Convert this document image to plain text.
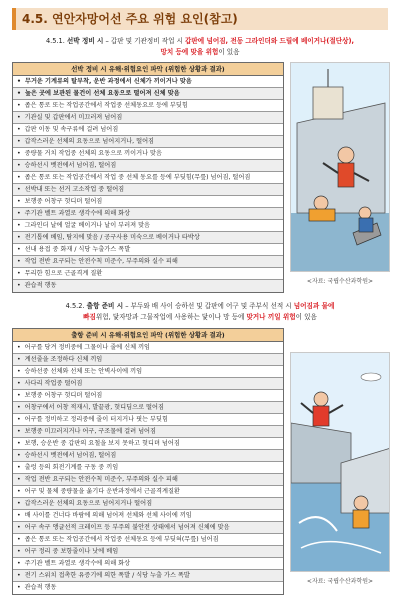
4.5. 연안자망어선 주요 위험 요인(참고)
4.5.1. 선박 정비 시 – 갑판 및 기관정비 작업 시 갑판에 넘어짐, 전동 그라인더와 드릴에 베이거나(절단상),
망치 등에 맞을 위험이 있음
선박 정비 시 유해·위험요인 파악 (위험한 상황과 결과)
• 무거운 기계류의 탈부착, 운반 과정에서 신체가 끼이거나 맞음
• 높은 곳에 보관된 물건이 선체 요동으로 떨어져 신체 맞음
• 좁은 통로 또는 작업공간에서 작업중 선체동요로 등에 부딪힘
• 기관실 및 갑판에서 미끄러져 넘어짐
• 갑판 이동 및 속구류에 걸려 넘어짐
• 갑작스러운 선체의 요동으로 넘어지거나, 떨어짐
• 중량물 거치 작업중 선체의 요동으로 끼이거나 맞음
• 승하선시 벳전에서 넘어짐, 떨어짐
• 좁은 통로 또는 작업공간에서 작업 중 선체 동요를 등에 부딪힘(무릎) 넘어짐, 떨어짐
• 선박내 또는 선거 고소작업 중 떨어짐
• 보행중 어창구 헛디뎌 떨어짐
• 주기관 벨트 과열로 생각수에 의해 화상
• 그라인더 날에 얼굴 베이거나 날이 부러져 맞음
• 전기톱에 베임, 탐지에 맞음 / 공구사용 미숙으로 베이거나 타박상
• 선내 용접 중 화재 / 식당 누출가스 폭발
• 작업 전반 요구되는 안전수칙 미준수, 부주의와 실수 피해
• 무리한 힘으로 근골격계 질환
• 관습적 행동
<자료: 국립수산과학원>
4.5.2. 출항 준비 시 – 부두와 배 사이 승하선 및 갑판에 어구 및 주부식 선적 시 넘어짐과 물에
빠짐위험, 닻자망과 그물작업에 사용하는 닻이나 망 등에 맞거나 끼일 위험이 있음
출항 준비 시 유해·위험요인 파악 (위험한 상황과 결과)
• 어구를 당겨 정비중에 그물이나 줄에 신체 끼임
• 계선줄을 조정하다 신체 끼임
• 승하선중 선체와 선체 또는 안벽사이에 끼임
• 사다리 작업중 떨어짐
• 보행중 어창구 헛디뎌 떨어짐
• 어창구에서 어창 적재시, 발끝광, 헛디딤으로 떨어짐
• 어구를 정비하고 정리중에 줄이 터지거나 핏는 부딪힘
• 보행중 미끄러지거나 어구, 구조물에 걸려 넘어짐
• 보행, 승운반 중 갑판의 요철을 보지 못하고 헛디뎌 넘어짐
• 승하선시 벳전에서 넘어짐, 떨어짐
• 출렁 등의 회전기계를 구동 중 끼임
• 작업 전반 요구되는 안전수칙 미준수, 부주의와 실수 피해
• 어구 및 물체 중량물을 옮기다 운반과정에서 근골격계질환
• 갑작스러운 선체의 요동으로 넘어지거나 떨어짐
• 배 사이를 건너다 바람에 의해 넘어져 선체와 선체 사이에 끼임
• 어구 속구 앵글선적 크레이프 등 부주의 불안전 상태에서 넘어져 신체에 맞음
• 좁은 통로 또는 작업공간에서 작업중 선체동요 등에 부딪혀(무릎) 넘어짐
• 어구 정리 중 보항줄이나 낫에 베임
• 주기관 벨트 과열로 생각수에 의해 화상
• 전기 스위치 접촉한 유증기에 의한 폭발 / 식당 누출 가스 폭발
• 관습적 행동
<자료: 국립수산과학원>
